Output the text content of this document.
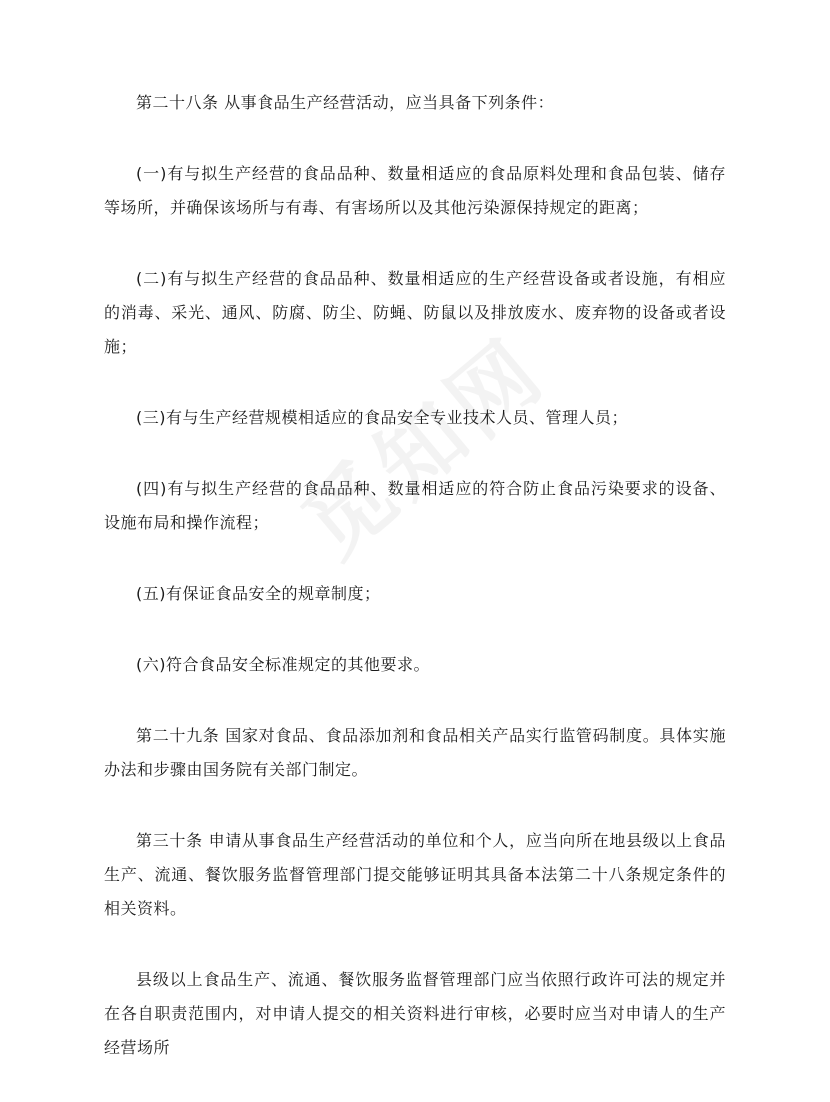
第二十八条 从事食品生产经营活动，应当具备下列条件：

(一)有与拟生产经营的食品品种、数量相适应的食品原料处理和食品包装、储存等场所，并确保该场所与有毒、有害场所以及其他污染源保持规定的距离；

(二)有与拟生产经营的食品品种、数量相适应的生产经营设备或者设施，有相应的消毒、采光、通风、防腐、防尘、防蝇、防鼠以及排放废水、废弃物的设备或者设施；

(三)有与生产经营规模相适应的食品安全专业技术人员、管理人员；

(四)有与拟生产经营的食品品种、数量相适应的符合防止食品污染要求的设备、设施布局和操作流程；

(五)有保证食品安全的规章制度；

(六)符合食品安全标准规定的其他要求。

第二十九条 国家对食品、食品添加剂和食品相关产品实行监管码制度。具体实施办法和步骤由国务院有关部门制定。

第三十条 申请从事食品生产经营活动的单位和个人，应当向所在地县级以上食品生产、流通、餐饮服务监督管理部门提交能够证明其具备本法第二十八条规定条件的相关资料。

县级以上食品生产、流通、餐饮服务监督管理部门应当依照行政许可法的规定并在各自职责范围内，对申请人提交的相关资料进行审核，必要时应当对申请人的生产经营场所
